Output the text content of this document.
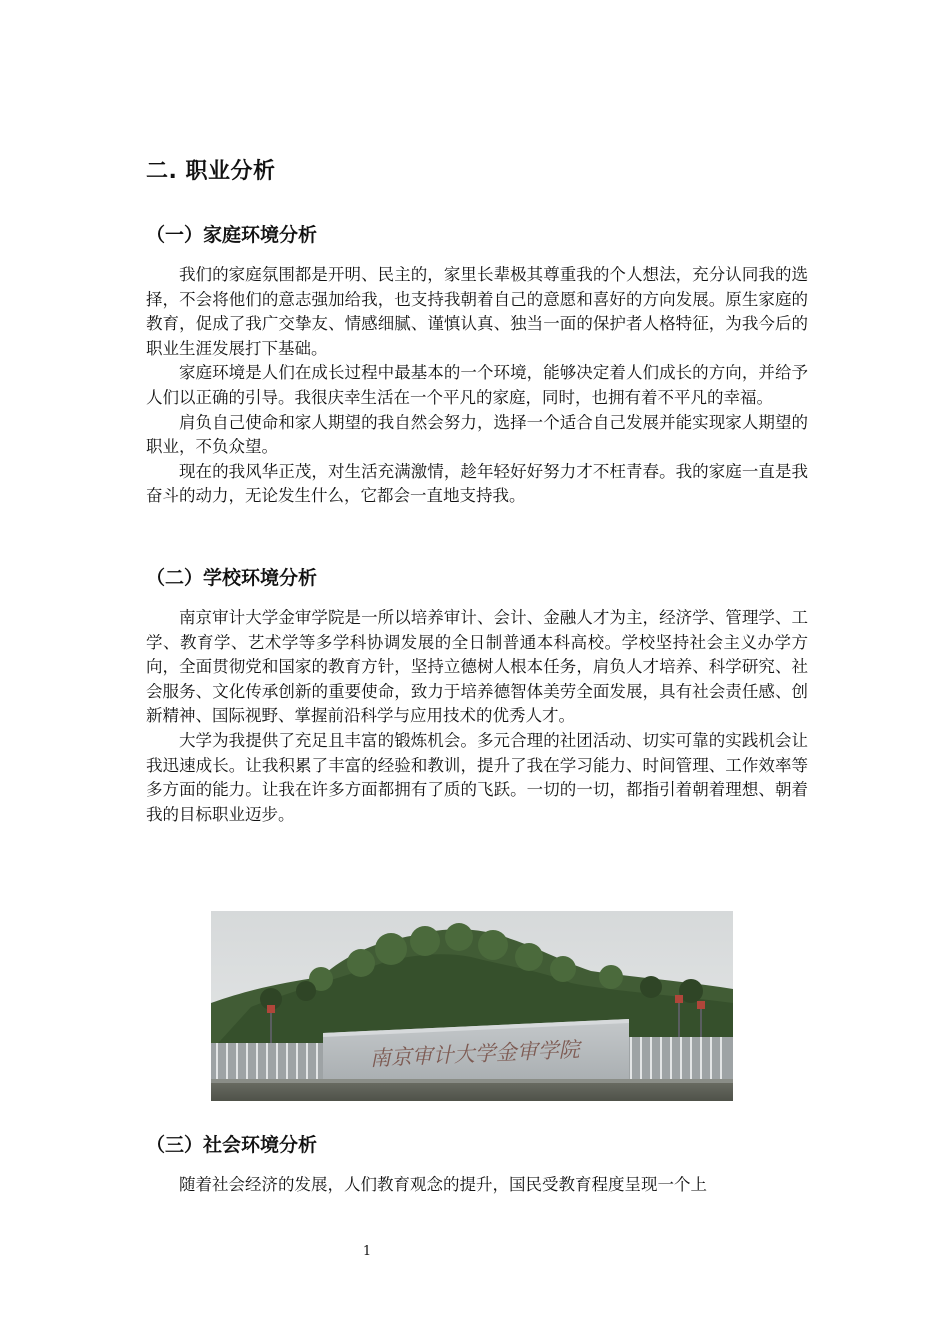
二. 职业分析
（一）家庭环境分析

我们的家庭氛围都是开明、民主的，家里长辈极其尊重我的个人想法，充分认同我的选择，不会将他们的意志强加给我，也支持我朝着自己的意愿和喜好的方向发展。原生家庭的教育，促成了我广交挚友、情感细腻、谨慎认真、独当一面的保护者人格特征，为我今后的职业生涯发展打下基础。

家庭环境是人们在成长过程中最基本的一个环境，能够决定着人们成长的方向，并给予人们以正确的引导。我很庆幸生活在一个平凡的家庭，同时，也拥有着不平凡的幸福。

肩负自己使命和家人期望的我自然会努力，选择一个适合自己发展并能实现家人期望的职业，不负众望。

现在的我风华正茂，对生活充满激情，趁年轻好好努力才不枉青春。我的家庭一直是我奋斗的动力，无论发生什么，它都会一直地支持我。

（二）学校环境分析

南京审计大学金审学院是一所以培养审计、会计、金融人才为主，经济学、管理学、工学、教育学、艺术学等多学科协调发展的全日制普通本科高校。学校坚持社会主义办学方向，全面贯彻党和国家的教育方针，坚持立德树人根本任务，肩负人才培养、科学研究、社会服务、文化传承创新的重要使命，致力于培养德智体美劳全面发展，具有社会责任感、创新精神、国际视野、掌握前沿科学与应用技术的优秀人才。

大学为我提供了充足且丰富的锻炼机会。多元合理的社团活动、切实可靠的实践机会让我迅速成长。让我积累了丰富的经验和教训，提升了我在学习能力、时间管理、工作效率等多方面的能力。让我在许多方面都拥有了质的飞跃。一切的一切，都指引着朝着理想、朝着我的目标职业迈步。

南京审计大学金审学院
（三）社会环境分析

随着社会经济的发展，人们教育观念的提升，国民受教育程度呈现一个上

1
